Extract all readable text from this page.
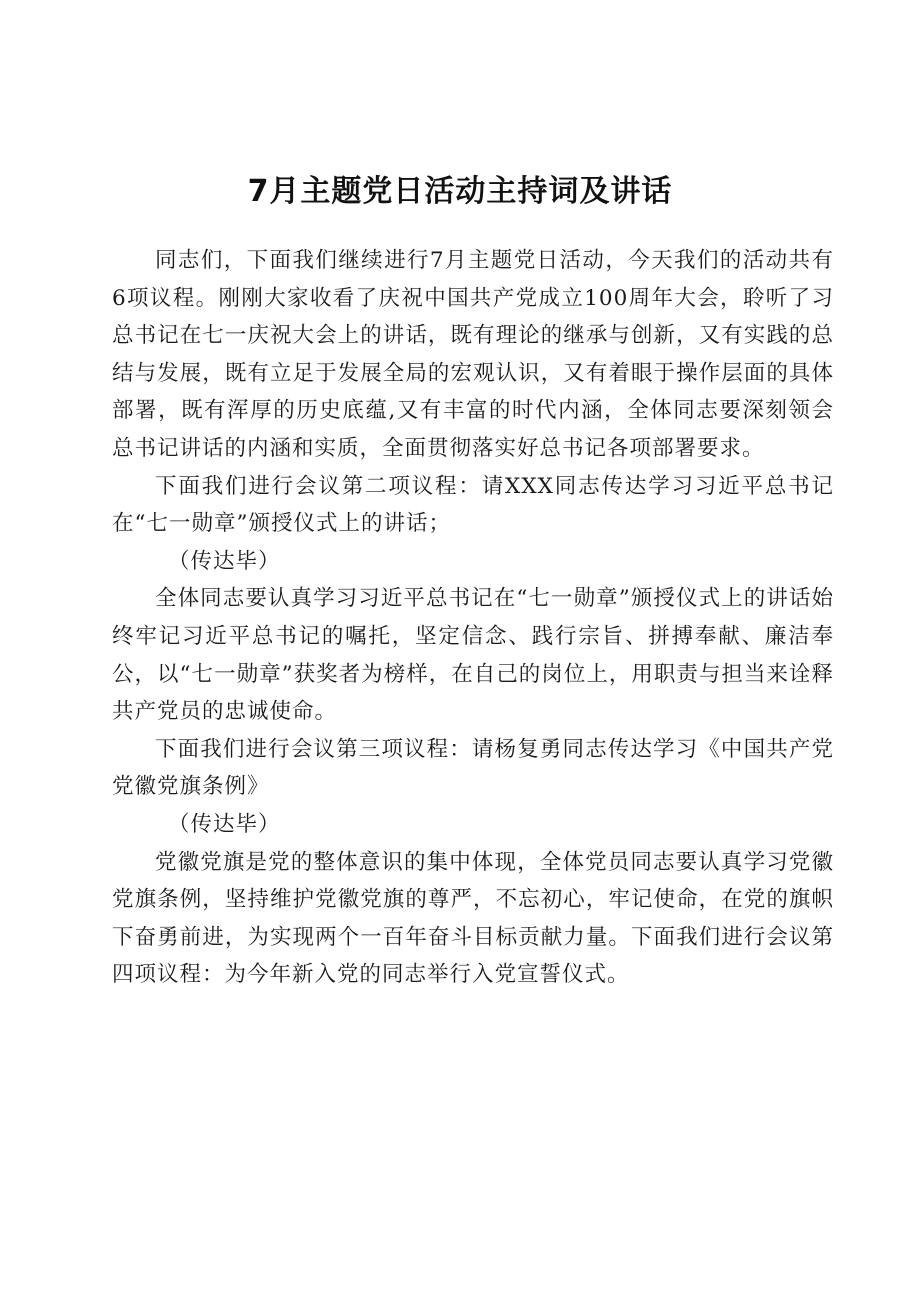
7月主题党日活动主持词及讲话

同志们，下面我们继续进行7月主题党日活动，今天我们的活动共有6项议程。刚刚大家收看了庆祝中国共产党成立100周年大会，聆听了习总书记在七一庆祝大会上的讲话，既有理论的继承与创新，又有实践的总结与发展，既有立足于发展全局的宏观认识，又有着眼于操作层面的具体部署，既有浑厚的历史底蕴,又有丰富的时代内涵，全体同志要深刻领会总书记讲话的内涵和实质，全面贯彻落实好总书记各项部署要求。

下面我们进行会议第二项议程：请XXX同志传达学习习近平总书记在“七一勋章”颁授仪式上的讲话；

（传达毕）

全体同志要认真学习习近平总书记在“七一勋章”颁授仪式上的讲话始终牢记习近平总书记的嘱托，坚定信念、践行宗旨、拼搏奉献、廉洁奉公，以“七一勋章”获奖者为榜样，在自己的岗位上，用职责与担当来诠释共产党员的忠诚使命。

下面我们进行会议第三项议程：请杨复勇同志传达学习《中国共产党党徽党旗条例》

（传达毕）

党徽党旗是党的整体意识的集中体现，全体党员同志要认真学习党徽党旗条例，坚持维护党徽党旗的尊严，不忘初心，牢记使命，在党的旗帜下奋勇前进，为实现两个一百年奋斗目标贡献力量。下面我们进行会议第四项议程：为今年新入党的同志举行入党宣誓仪式。
